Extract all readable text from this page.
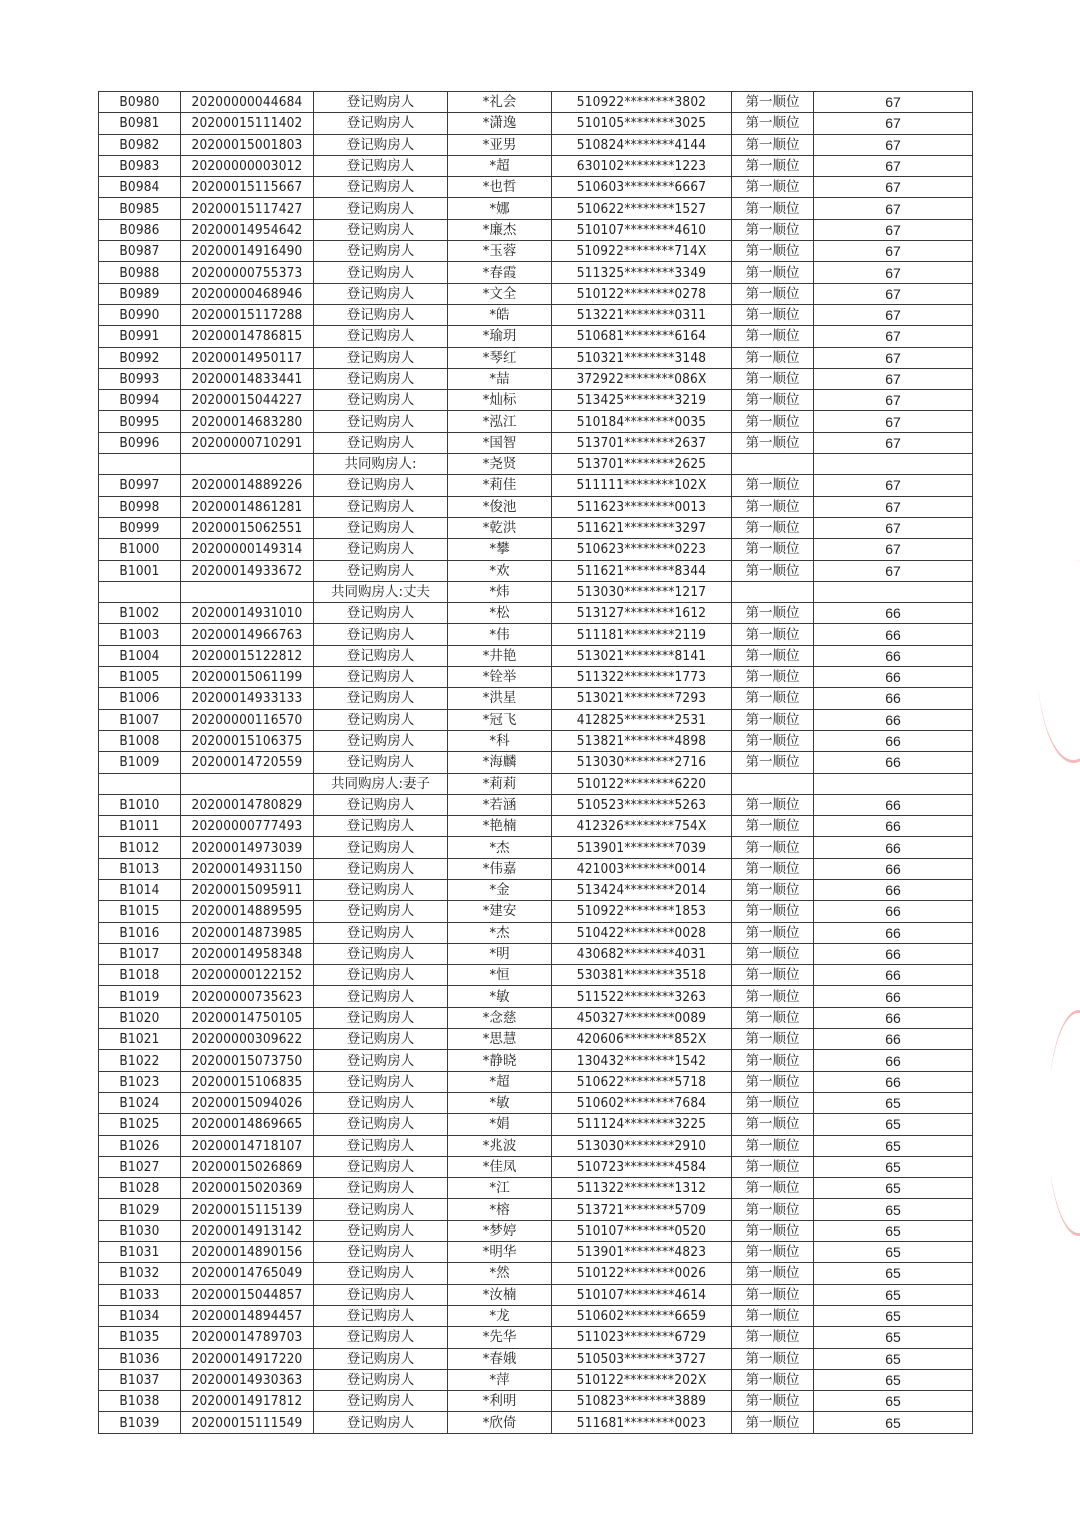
B0980	20200000044684	登记购房人	*礼会	510922********3802	第一顺位	67
B0981	20200015111402	登记购房人	*潇逸	510105********3025	第一顺位	67
B0982	20200015001803	登记购房人	*亚男	510824********4144	第一顺位	67
B0983	20200000003012	登记购房人	*超	630102********1223	第一顺位	67
B0984	20200015115667	登记购房人	*也哲	510603********6667	第一顺位	67
B0985	20200015117427	登记购房人	*娜	510622********1527	第一顺位	67
B0986	20200014954642	登记购房人	*廉杰	510107********4610	第一顺位	67
B0987	20200014916490	登记购房人	*玉蓉	510922********714X	第一顺位	67
B0988	20200000755373	登记购房人	*春霞	511325********3349	第一顺位	67
B0989	20200000468946	登记购房人	*文全	510122********0278	第一顺位	67
B0990	20200015117288	登记购房人	*皓	513221********0311	第一顺位	67
B0991	20200014786815	登记购房人	*瑜玥	510681********6164	第一顺位	67
B0992	20200014950117	登记购房人	*琴红	510321********3148	第一顺位	67
B0993	20200014833441	登记购房人	*喆	372922********086X	第一顺位	67
B0994	20200015044227	登记购房人	*灿标	513425********3219	第一顺位	67
B0995	20200014683280	登记购房人	*泓江	510184********0035	第一顺位	67
B0996	20200000710291	登记购房人	*国智	513701********2637	第一顺位	67
		共同购房人:	*尧贤	513701********2625		
B0997	20200014889226	登记购房人	*莉佳	511111********102X	第一顺位	67
B0998	20200014861281	登记购房人	*俊池	511623********0013	第一顺位	67
B0999	20200015062551	登记购房人	*乾洪	511621********3297	第一顺位	67
B1000	20200000149314	登记购房人	*攀	510623********0223	第一顺位	67
B1001	20200014933672	登记购房人	*欢	511621********8344	第一顺位	67
		共同购房人:丈夫	*炜	513030********1217		
B1002	20200014931010	登记购房人	*松	513127********1612	第一顺位	66
B1003	20200014966763	登记购房人	*伟	511181********2119	第一顺位	66
B1004	20200015122812	登记购房人	*井艳	513021********8141	第一顺位	66
B1005	20200015061199	登记购房人	*铨举	511322********1773	第一顺位	66
B1006	20200014933133	登记购房人	*洪星	513021********7293	第一顺位	66
B1007	20200000116570	登记购房人	*冠飞	412825********2531	第一顺位	66
B1008	20200015106375	登记购房人	*科	513821********4898	第一顺位	66
B1009	20200014720559	登记购房人	*海麟	513030********2716	第一顺位	66
		共同购房人:妻子	*莉莉	510122********6220		
B1010	20200014780829	登记购房人	*若涵	510523********5263	第一顺位	66
B1011	20200000777493	登记购房人	*艳楠	412326********754X	第一顺位	66
B1012	20200014973039	登记购房人	*杰	513901********7039	第一顺位	66
B1013	20200014931150	登记购房人	*伟嘉	421003********0014	第一顺位	66
B1014	20200015095911	登记购房人	*金	513424********2014	第一顺位	66
B1015	20200014889595	登记购房人	*建安	510922********1853	第一顺位	66
B1016	20200014873985	登记购房人	*杰	510422********0028	第一顺位	66
B1017	20200014958348	登记购房人	*明	430682********4031	第一顺位	66
B1018	20200000122152	登记购房人	*恒	530381********3518	第一顺位	66
B1019	20200000735623	登记购房人	*敏	511522********3263	第一顺位	66
B1020	20200014750105	登记购房人	*念慈	450327********0089	第一顺位	66
B1021	20200000309622	登记购房人	*思慧	420606********852X	第一顺位	66
B1022	20200015073750	登记购房人	*静晓	130432********1542	第一顺位	66
B1023	20200015106835	登记购房人	*超	510622********5718	第一顺位	66
B1024	20200015094026	登记购房人	*敏	510602********7684	第一顺位	65
B1025	20200014869665	登记购房人	*娟	511124********3225	第一顺位	65
B1026	20200014718107	登记购房人	*兆波	513030********2910	第一顺位	65
B1027	20200015026869	登记购房人	*佳凤	510723********4584	第一顺位	65
B1028	20200015020369	登记购房人	*江	511322********1312	第一顺位	65
B1029	20200015115139	登记购房人	*榕	513721********5709	第一顺位	65
B1030	20200014913142	登记购房人	*梦婷	510107********0520	第一顺位	65
B1031	20200014890156	登记购房人	*明华	513901********4823	第一顺位	65
B1032	20200014765049	登记购房人	*然	510122********0026	第一顺位	65
B1033	20200015044857	登记购房人	*汝楠	510107********4614	第一顺位	65
B1034	20200014894457	登记购房人	*龙	510602********6659	第一顺位	65
B1035	20200014789703	登记购房人	*先华	511023********6729	第一顺位	65
B1036	20200014917220	登记购房人	*春娥	510503********3727	第一顺位	65
B1037	20200014930363	登记购房人	*萍	510122********202X	第一顺位	65
B1038	20200014917812	登记购房人	*利明	510823********3889	第一顺位	65
B1039	20200015111549	登记购房人	*欣倚	511681********0023	第一顺位	65
